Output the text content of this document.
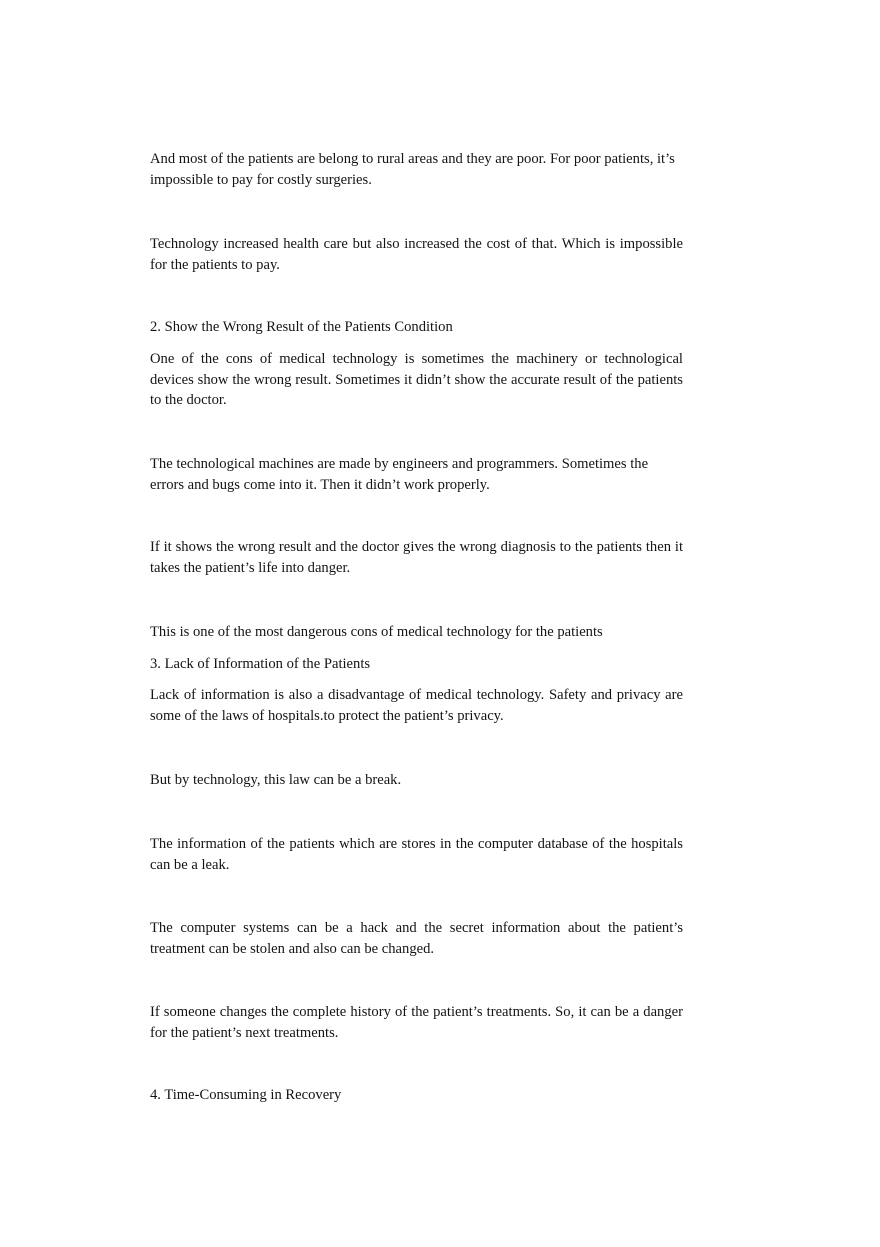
And most of the patients are belong to rural areas and they are poor. For poor patients, it’s impossible to pay for costly surgeries.

Technology increased health care but also increased the cost of that. Which is impossible for the patients to pay.

2. Show the Wrong Result of the Patients Condition

One of the cons of medical technology is sometimes the machinery or technological devices show the wrong result. Sometimes it didn’t show the accurate result of the patients to the doctor.

The technological machines are made by engineers and programmers. Sometimes the errors and bugs come into it. Then it didn’t work properly.

If it shows the wrong result and the doctor gives the wrong diagnosis to the patients then it takes the patient’s life into danger.

This is one of the most dangerous cons of medical technology for the patients

3. Lack of Information of the Patients

Lack of information is also a disadvantage of medical technology. Safety and privacy are some of the laws of hospitals.to protect the patient’s privacy.

But by technology, this law can be a break.

The information of the patients which are stores in the computer database of the hospitals can be a leak.

The computer systems can be a hack and the secret information about the patient’s treatment can be stolen and also can be changed.

If someone changes the complete history of the patient’s treatments. So, it can be a danger for the patient’s next treatments.

4. Time-Consuming in Recovery
